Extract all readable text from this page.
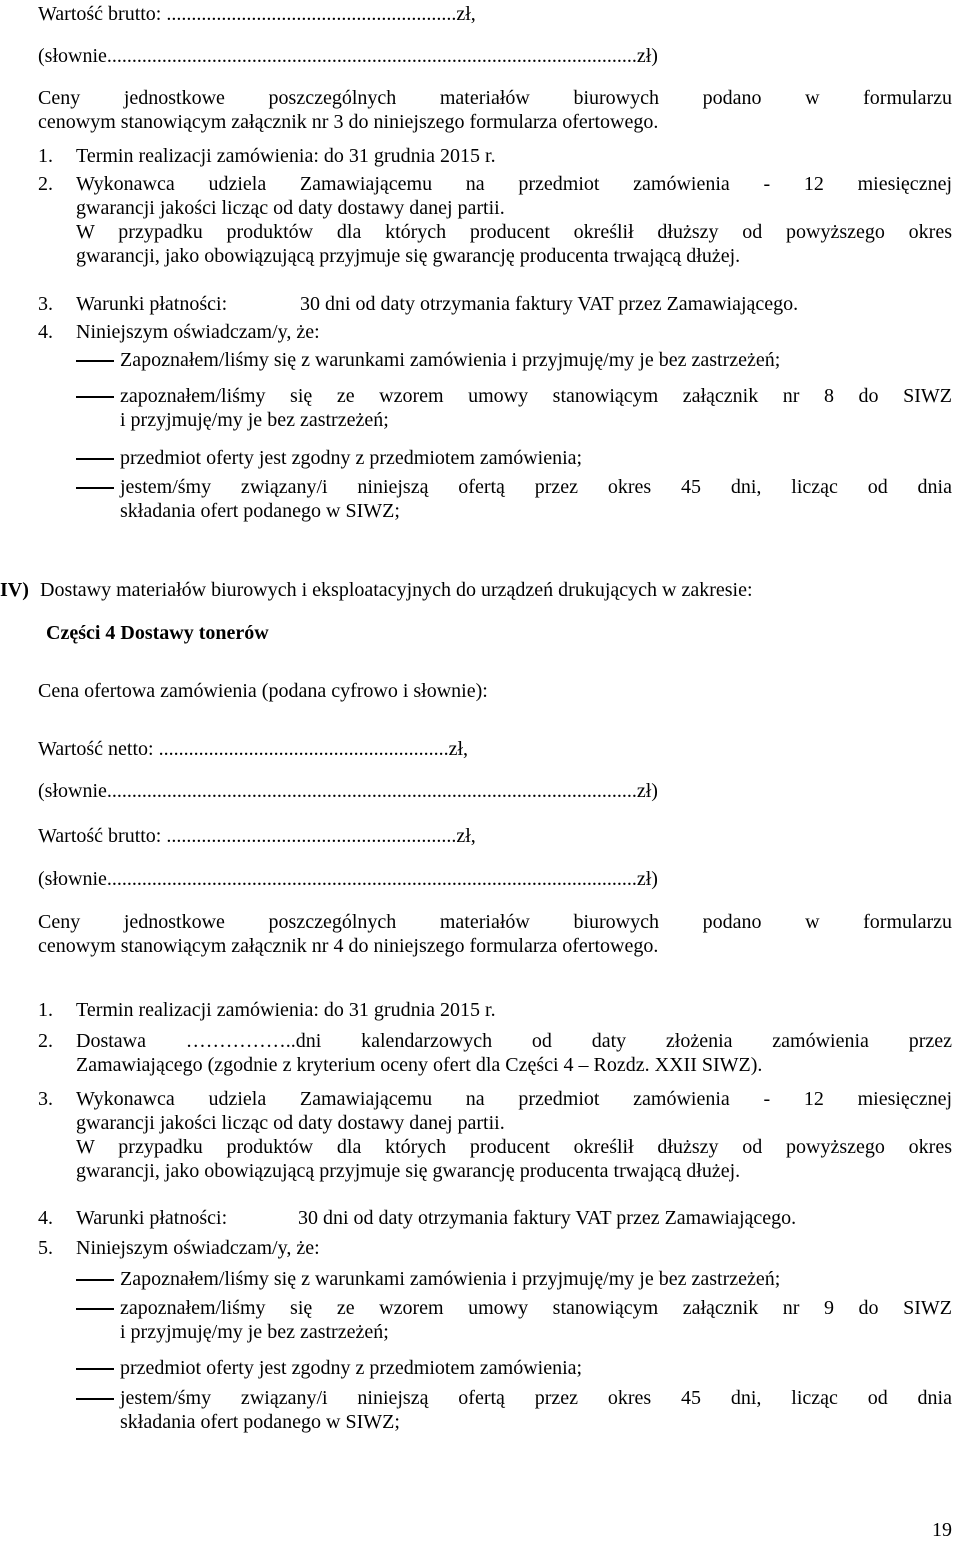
Wartość brutto: ..........................................................zł,
(słownie..........................................................................................................zł)
Ceny jednostkowe poszczególnych materiałów biurowych podano w formularzu
cenowym stanowiącym załącznik nr 3 do niniejszego formularza ofertowego.
1. Termin realizacji zamówienia: do 31 grudnia 2015 r.
2. Wykonawca udziela Zamawiającemu na przedmiot zamówienia - 12 miesięcznej
gwarancji jakości licząc od daty dostawy danej partii.
W przypadku produktów dla których producent określił dłuższy od powyższego okres
gwarancji, jako obowiązującą przyjmuje się gwarancję producenta trwającą dłużej.
3. Warunki płatności:	30 dni od daty otrzymania faktury VAT przez Zamawiającego.
4. Niniejszym oświadczam/y, że:
Zapoznałem/liśmy się z warunkami zamówienia i przyjmuję/my je bez zastrzeżeń;
zapoznałem/liśmy się ze wzorem umowy stanowiącym załącznik nr 8 do SIWZ
i przyjmuję/my je bez zastrzeżeń;
przedmiot oferty jest zgodny z przedmiotem zamówienia;
jestem/śmy związany/i niniejszą ofertą przez okres 45 dni, licząc od dnia
składania ofert podanego w SIWZ;
IV) Dostawy materiałów biurowych i eksploatacyjnych do urządzeń drukujących w zakresie:
Części 4 Dostawy tonerów
Cena ofertowa zamówienia (podana cyfrowo i słownie):
Wartość netto: ..........................................................zł,
(słownie..........................................................................................................zł)
Wartość brutto: ..........................................................zł,
(słownie..........................................................................................................zł)
Ceny jednostkowe poszczególnych materiałów biurowych podano w formularzu
cenowym stanowiącym załącznik nr 4 do niniejszego formularza ofertowego.
1. Termin realizacji zamówienia: do 31 grudnia 2015 r.
2. Dostawa ……………..dni kalendarzowych od daty złożenia zamówienia przez
Zamawiającego (zgodnie z kryterium oceny ofert dla Części 4 – Rozdz. XXII SIWZ).
3. Wykonawca udziela Zamawiającemu na przedmiot zamówienia - 12 miesięcznej
gwarancji jakości licząc od daty dostawy danej partii.
W przypadku produktów dla których producent określił dłuższy od powyższego okres
gwarancji, jako obowiązującą przyjmuje się gwarancję producenta trwającą dłużej.
4. Warunki płatności:	30 dni od daty otrzymania faktury VAT przez Zamawiającego.
5. Niniejszym oświadczam/y, że:
Zapoznałem/liśmy się z warunkami zamówienia i przyjmuję/my je bez zastrzeżeń;
zapoznałem/liśmy się ze wzorem umowy stanowiącym załącznik nr 9 do SIWZ
i przyjmuję/my je bez zastrzeżeń;
przedmiot oferty jest zgodny z przedmiotem zamówienia;
jestem/śmy związany/i niniejszą ofertą przez okres 45 dni, licząc od dnia
składania ofert podanego w SIWZ;
19
